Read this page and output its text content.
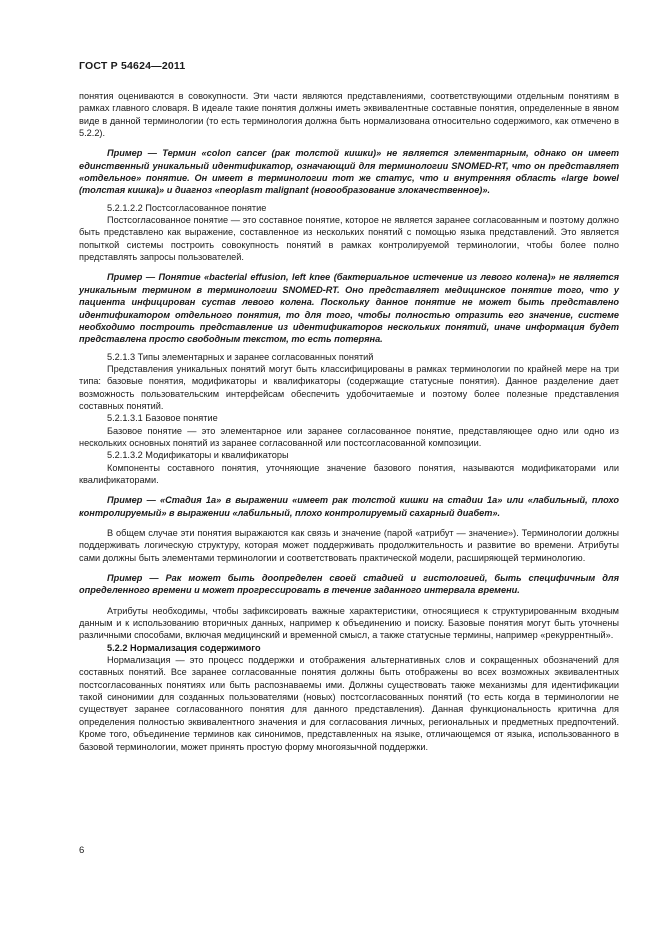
ГОСТ Р 54624—2011

понятия оцениваются в совокупности. Эти части являются представлениями, соответствующими отдельным понятиям в рамках главного словаря. В идеале такие понятия должны иметь эквивалентные составные понятия, определенные в явном виде в данной терминологии (то есть терминология должна быть нормализована относительно содержимого, как отмечено в 5.2.2).

Пример — Термин «colon cancer (рак толстой кишки)» не является элементарным, однако он имеет единственный уникальный идентификатор, означающий для терминологии SNOMED-RT, что он представляет «отдельное» понятие. Он имеет в терминологии тот же статус, что и внутренняя область «large bowel (толстая кишка)» и диагноз «neoplasm malignant (новообразование злокачественное)».

5.2.1.2.2 Постсогласованное понятие

Постсогласованное понятие — это составное понятие, которое не является заранее согласованным и поэтому должно быть представлено как выражение, составленное из нескольких понятий с помощью языка представлений. Это является попыткой системы построить совокупность понятий в рамках контролируемой терминологии, чтобы более полно представлять запросы пользователей.

Пример — Понятие «bacterial effusion, left knee (бактериальное истечение из левого колена)» не является уникальным термином в терминологии SNOMED-RT. Оно представляет медицинское понятие того, что у пациента инфицирован сустав левого колена. Поскольку данное понятие не может быть представлено идентификатором отдельного понятия, то для того, чтобы полностью отразить его значение, системе необходимо построить представление из идентификаторов нескольких понятий, иначе информация будет представлена просто свободным текстом, то есть потеряна.

5.2.1.3 Типы элементарных и заранее согласованных понятий

Представления уникальных понятий могут быть классифицированы в рамках терминологии по крайней мере на три типа: базовые понятия, модификаторы и квалификаторы (содержащие статусные понятия). Данное разделение дает возможность пользовательским интерфейсам обеспечить удобочитаемые и поэтому более полезные представления составных понятий.

5.2.1.3.1 Базовое понятие

Базовое понятие — это элементарное или заранее согласованное понятие, представляющее одно или одно из нескольких основных понятий из заранее согласованной или постсогласованной композиции.

5.2.1.3.2 Модификаторы и квалификаторы

Компоненты составного понятия, уточняющие значение базового понятия, называются модификаторами или квалификаторами.

Пример — «Стадия 1а» в выражении «имеет рак толстой кишки на стадии 1а» или «лабильный, плохо контролируемый» в выражении «лабильный, плохо контролируемый сахарный диабет».

В общем случае эти понятия выражаются как связь и значение (парой «атрибут — значение»). Терминологии должны поддерживать логическую структуру, которая может поддерживать продолжительность и развитие во времени. Атрибуты сами должны быть элементами терминологии и соответствовать практической модели, расширяющей терминологию.

Пример — Рак может быть доопределен своей стадией и гистологией, быть специфичным для определенного времени и может прогрессировать в течение заданного интервала времени.

Атрибуты необходимы, чтобы зафиксировать важные характеристики, относящиеся к структурированным входным данным и к использованию вторичных данных, например к объединению и поиску. Базовые понятия могут быть уточнены различными способами, включая медицинский и временной смысл, а также статусные термины, например «рекуррентный».

5.2.2 Нормализация содержимого

Нормализация — это процесс поддержки и отображения альтернативных слов и сокращенных обозначений для составных понятий. Все заранее согласованные понятия должны быть отображены во всех возможных эквивалентных постсогласованных понятиях или быть распознаваемы ими. Должны существовать также механизмы для идентификации такой синонимии для созданных пользователями (новых) постсогласованных понятий (то есть когда в терминологии не существует заранее согласованного понятия для данного представления). Данная функциональность критична для определения полностью эквивалентного значения и для согласования личных, региональных и предметных предпочтений. Кроме того, объединение терминов как синонимов, представленных на языке, отличающемся от языка, использованного в базовой терминологии, может принять простую форму многоязычной поддержки.

6
